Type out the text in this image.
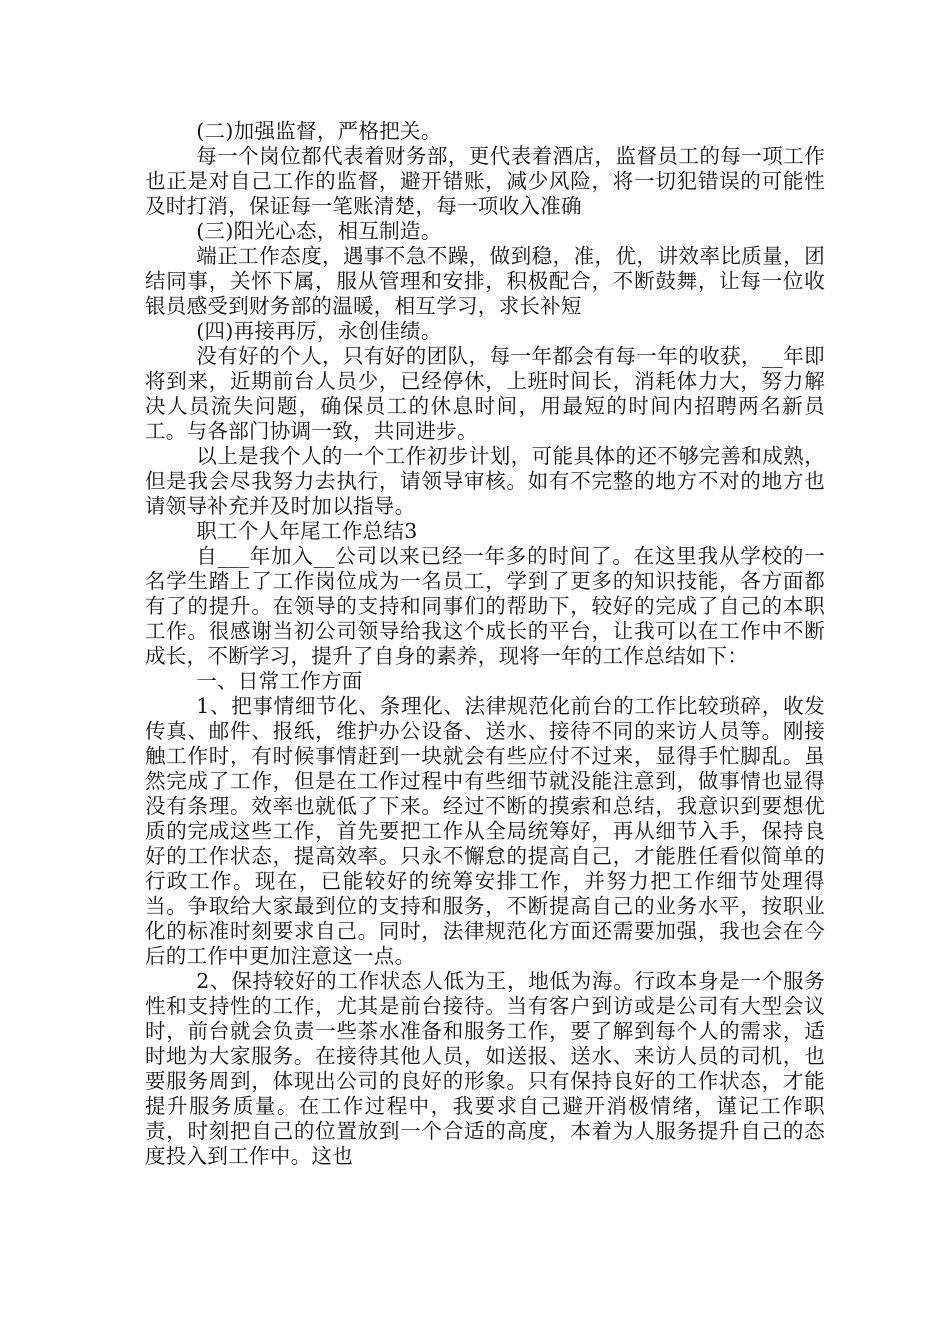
(二)加强监督，严格把关。

每一个岗位都代表着财务部，更代表着酒店，监督员工的每一项工作也正是对自己工作的监督，避开错账，减少风险，将一切犯错误的可能性及时打消，保证每一笔账清楚，每一项收入准确

(三)阳光心态，相互制造。

端正工作态度，遇事不急不躁，做到稳，准，优，讲效率比质量，团结同事，关怀下属，服从管理和安排，积极配合，不断鼓舞，让每一位收银员感受到财务部的温暖，相互学习，求长补短

(四)再接再厉，永创佳绩。

没有好的个人，只有好的团队，每一年都会有每一年的收获，__年即将到来，近期前台人员少，已经停休，上班时间长，消耗体力大，努力解决人员流失问题，确保员工的休息时间，用最短的时间内招聘两名新员工。与各部门协调一致，共同进步。

以上是我个人的一个工作初步计划，可能具体的还不够完善和成熟，但是我会尽我努力去执行，请领导审核。如有不完整的地方不对的地方也请领导补充并及时加以指导。

职工个人年尾工作总结3

自___年加入__公司以来已经一年多的时间了。在这里我从学校的一名学生踏上了工作岗位成为一名员工，学到了更多的知识技能，各方面都有了的提升。在领导的支持和同事们的帮助下，较好的完成了自己的本职工作。很感谢当初公司领导给我这个成长的平台，让我可以在工作中不断成长，不断学习，提升了自身的素养，现将一年的工作总结如下：

一、日常工作方面

1、把事情细节化、条理化、法律规范化前台的工作比较琐碎，收发传真、邮件、报纸，维护办公设备、送水、接待不同的来访人员等。刚接触工作时，有时候事情赶到一块就会有些应付不过来，显得手忙脚乱。虽然完成了工作，但是在工作过程中有些细节就没能注意到，做事情也显得没有条理。效率也就低了下来。经过不断的摸索和总结，我意识到要想优质的完成这些工作，首先要把工作从全局统筹好，再从细节入手，保持良好的工作状态，提高效率。只永不懈怠的提高自己，才能胜任看似简单的行政工作。现在，已能较好的统筹安排工作，并努力把工作细节处理得当。争取给大家最到位的支持和服务，不断提高自己的业务水平，按职业化的标准时刻要求自己。同时，法律规范化方面还需要加强，我也会在今后的工作中更加注意这一点。

2、保持较好的工作状态人低为王，地低为海。行政本身是一个服务性和支持性的工作，尤其是前台接待。当有客户到访或是公司有大型会议时，前台就会负责一些茶水准备和服务工作，要了解到每个人的需求，适时地为大家服务。在接待其他人员，如送报、送水、来访人员的司机，也要服务周到，体现出公司的良好的形象。只有保持良好的工作状态，才能提升服务质量。在工作过程中，我要求自己避开消极情绪，谨记工作职责，时刻把自己的位置放到一个合适的高度，本着为人服务提升自己的态度投入到工作中。这也
